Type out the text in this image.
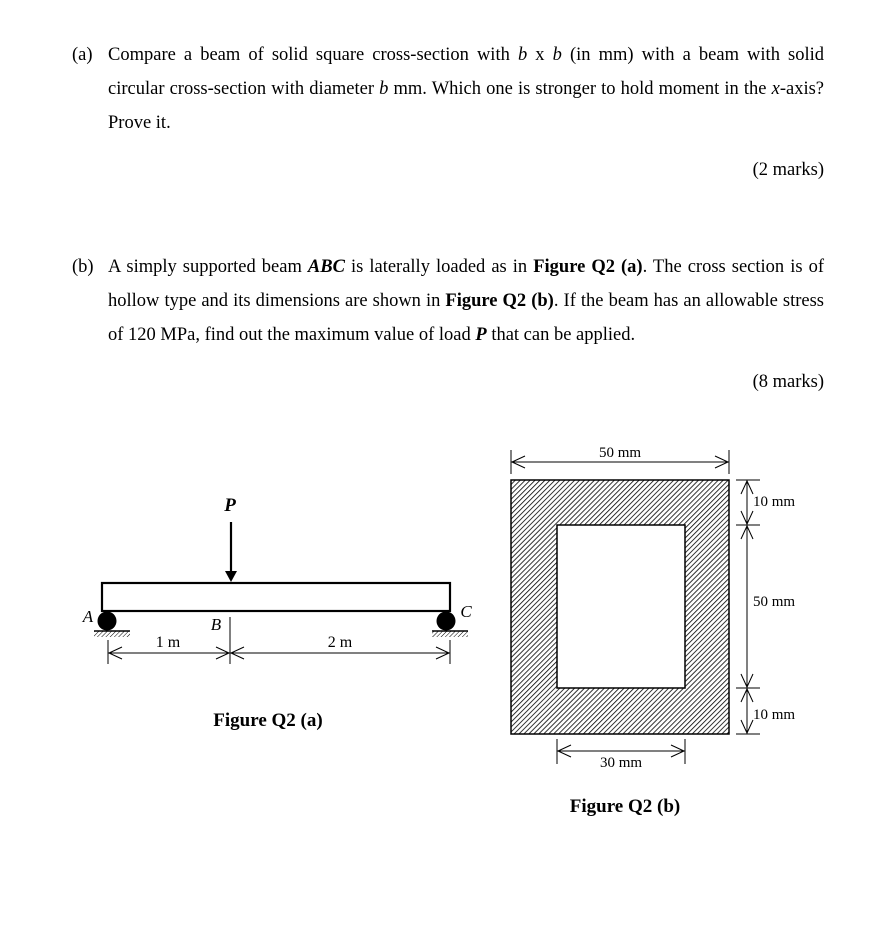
(a) Compare a beam of solid square cross-section with b x b (in mm) with a beam with solid circular cross-section with diameter b mm. Which one is stronger to hold moment in the x-axis? Prove it.
(2 marks)
(b) A simply supported beam ABC is laterally loaded as in Figure Q2 (a). The cross section is of hollow type and its dimensions are shown in Figure Q2 (b). If the beam has an allowable stress of 120 MPa, find out the maximum value of load P that can be applied.
(8 marks)
P
A	C
B
1 m	2 m
Figure Q2 (a)
50 mm
30 mm
10 mm
50 mm
10 mm
Figure Q2 (b)
